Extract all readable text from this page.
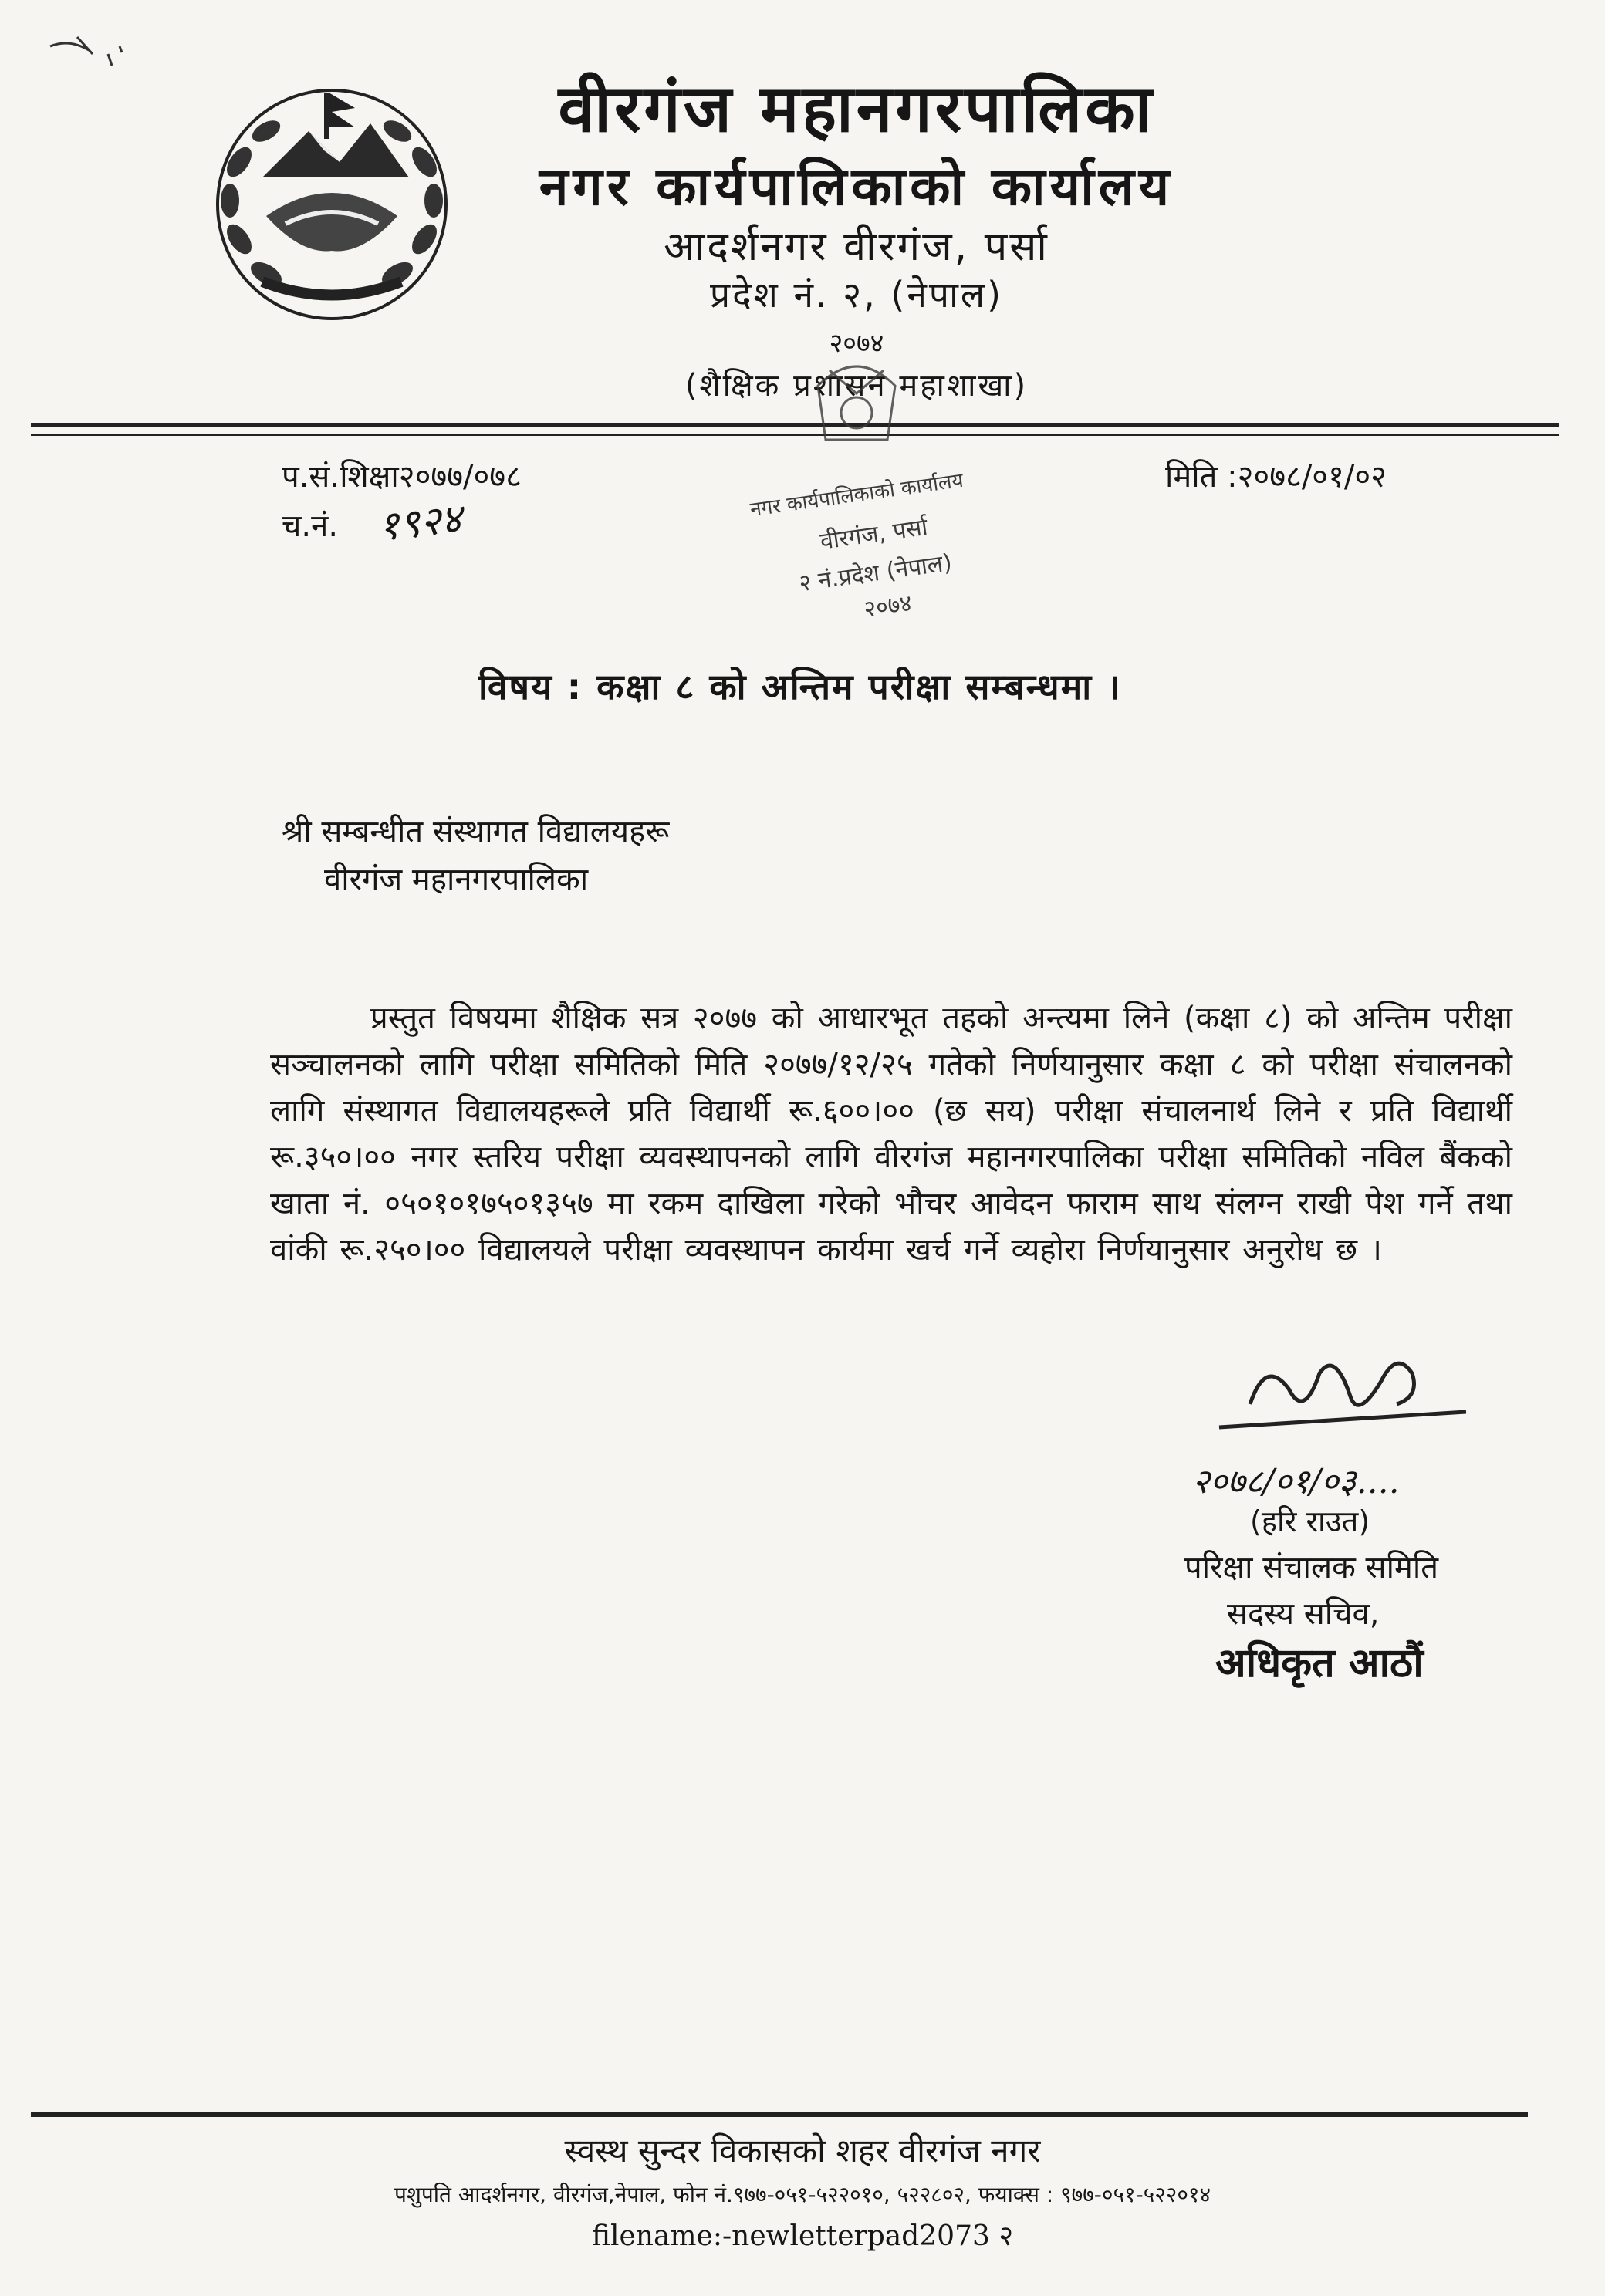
वीरगंज महानगरपालिका
नगर कार्यपालिकाको कार्यालय
आदर्शनगर वीरगंज, पर्सा
प्रदेश नं. २, (नेपाल)
२०७४
(शैक्षिक प्रशासन महाशाखा)
प.सं.शिक्षा२०७७/०७८
च.नं. १९२४
मिति :२०७८/०१/०२
नगर कार्यपालिकाको कार्यालय
वीरगंज, पर्सा
२ नं.प्रदेश (नेपाल)
२०७४
विषय : कक्षा ८ को अन्तिम परीक्षा सम्बन्धमा ।
श्री सम्बन्धीत संस्थागत विद्यालयहरू
वीरगंज महानगरपालिका
प्रस्तुत विषयमा शैक्षिक सत्र २०७७ को आधारभूत तहको अन्त्यमा लिने (कक्षा ८) को अन्तिम परीक्षा सञ्चालनको लागि परीक्षा समितिको मिति २०७७/१२/२५ गतेको निर्णयानुसार कक्षा ८ को परीक्षा संचालनको लागि संस्थागत विद्यालयहरूले प्रति विद्यार्थी रू.६००।०० (छ सय) परीक्षा संचालनार्थ लिने र प्रति विद्यार्थी रू.३५०।०० नगर स्तरिय परीक्षा व्यवस्थापनको लागि वीरगंज महानगरपालिका परीक्षा समितिको नविल बैंकको खाता नं. ०५०१०१७५०१३५७ मा रकम दाखिला गरेको भौचर आवेदन फाराम साथ संलग्न राखी पेश गर्ने तथा वांकी रू.२५०।०० विद्यालयले परीक्षा व्यवस्थापन कार्यमा खर्च गर्ने व्यहोरा निर्णयानुसार अनुरोध छ ।
२०७८/०१/०३....
(हरि राउत)
परिक्षा संचालक समिति
सदस्य सचिव,
अधिकृत आठौं
स्वस्थ सुन्दर विकासको शहर वीरगंज नगर
पशुपति आदर्शनगर, वीरगंज,नेपाल, फोन नं.९७७-०५१-५२२०१०, ५२२८०२, फयाक्स : ९७७-०५१-५२२०१४
filename:-newletterpad2073 २
